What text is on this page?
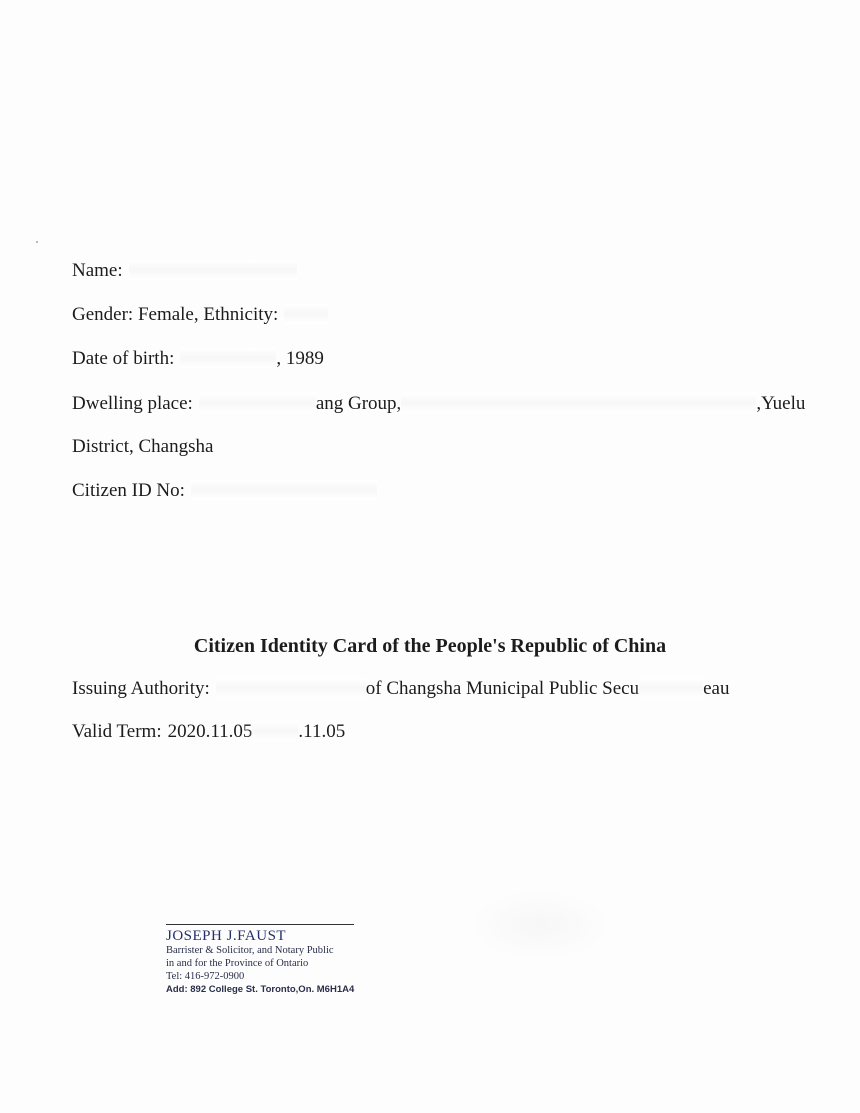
Name:
Gender: Female, Ethnicity:
Date of birth:	, 1989
Dwelling place:	ang Group,	,Yuelu
District, Changsha
Citizen ID No:
Citizen Identity Card of the People's Republic of China
Issuing Authority:	of Changsha Municipal Public Secu	eau
Valid Term: 2020.11.05 .11.05
JOSEPH J.FAUST
Barrister & Solicitor, and Notary Public
in and for the Province of Ontario
Tel: 416-972-0900
Add: 892 College St. Toronto,On. M6H1A4
